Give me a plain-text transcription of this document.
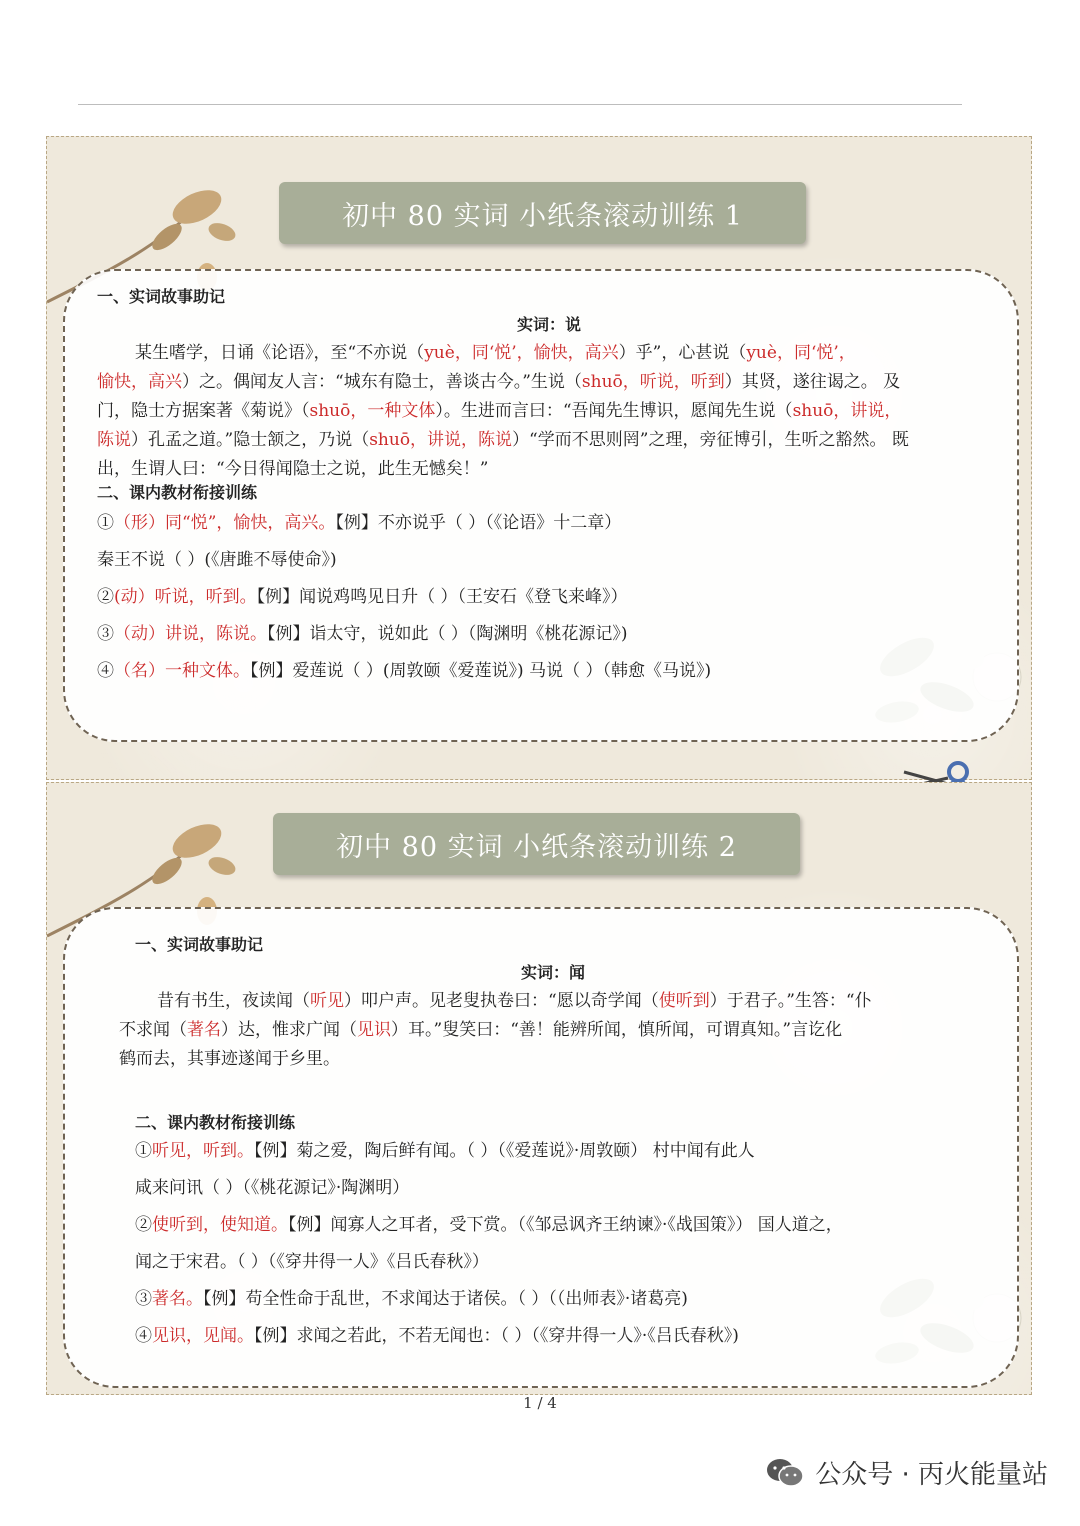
初中 80 实词 小纸条滚动训练 1
一、实词故事助记
实词：说
某生嗜学，日诵《论语》，至“不亦说（yuè，同‘悦’，愉快，高兴）乎”，心甚说（yuè，同‘悦’，
愉快，高兴）之。偶闻友人言：“城东有隐士，善谈古今。”生说（shuō，听说，听到）其贤，遂往谒之。 及
门，隐士方据案著《菊说》（shuō，一种文体）。生进而言曰：“吾闻先生博识，愿闻先生说（shuō，讲说，
陈说）孔孟之道。”隐士颔之，乃说（shuō，讲说，陈说）“学而不思则罔”之理，旁征博引，生听之豁然。 既
出，生谓人曰：“今日得闻隐士之说，此生无憾矣！”
二、课内教材衔接训练
①（形）同“悦”，愉快，高兴。【例】不亦说乎（ ）（《论语》十二章）
秦王不说（ ）(《唐雎不辱使命》)
②(动）听说，听到。【例】闻说鸡鸣见日升（ ）（王安石《登飞来峰》）
③（动）讲说，陈说。【例】诣太守，说如此（ ）（陶渊明《桃花源记》)
④（名）一种文体。【例】爱莲说（ ）(周敦颐《爱莲说》) 马说（ ）（韩愈《马说》)
初中 80 实词 小纸条滚动训练 2
一、实词故事助记
实词：闻
昔有书生，夜读闻（听见）叩户声。见老叟执卷曰：“愿以奇学闻（使听到）于君子。”生答：“仆
不求闻（著名）达，惟求广闻（见识）耳。”叟笑曰：“善！能辨所闻，慎所闻，可谓真知。”言讫化
鹤而去，其事迹遂闻于乡里。
二、课内教材衔接训练
①听见，听到。【例】菊之爱，陶后鲜有闻。（ ）（《爱莲说》·周敦颐） 村中闻有此人
咸来问讯（ ）（《桃花源记》·陶渊明）
②使听到，使知道。【例】闻寡人之耳者，受下赏。（《邹忌讽齐王纳谏》·《战国策》） 国人道之，
闻之于宋君。（ ）（《穿井得一人》《吕氏春秋》）
③著名。【例】苟全性命于乱世，不求闻达于诸侯。（ ）（（出师表》·诸葛亮)
④见识，见闻。【例】求闻之若此，不若无闻也：（ ）（《穿井得一人》·《吕氏春秋》)
1 / 4
公众号 · 丙火能量站
